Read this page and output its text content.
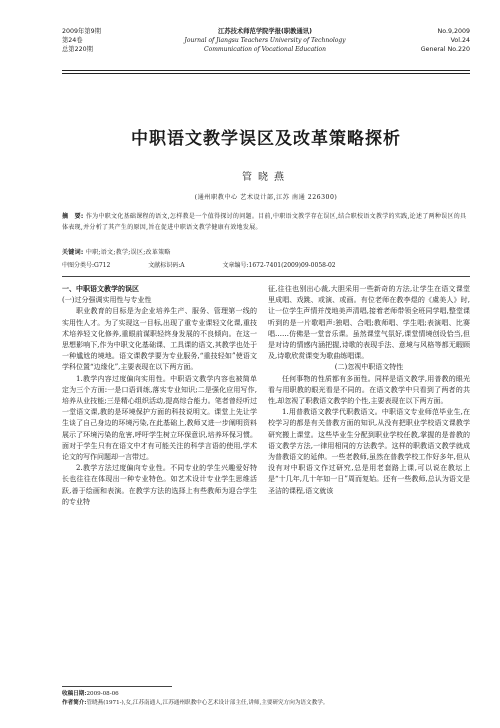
2009年第9期
第24卷
总第220期
江苏技术师范学院学报(职教通讯)
Journal of Jiangsu Teachers University of Technology
Communication of Vocational Education
No.9,2009
Vol.24
General No.220
中职语文教学误区及改革策略探析
管晓燕
(通州职教中心 艺术设计部,江苏 南通 226300)
摘　要: 作为中职文化基础课程的语文,怎样教是一个值得探讨的问题。目前,中职语文教学存在误区,结合职校语文教学的实践,论述了两种误区的具体表现,并分析了其产生的原因,旨在促进中职语文教学健康有效地发展。
关键词: 中职;语文;教学;误区;改革策略
中图分类号:G712	文献标识码:A	文章编号:1672-7401(2009)09-0058-02

一、中职语文教学的误区

(一)过分强调实用性与专业性

职业教育的目标是为企业培养生产、服务、管理第一线的实用性人才。为了实现这一目标,出现了重专业课轻文化课,重技术培养轻文化修养,重眼前谋职轻终身发展的不良倾向。在这一思想影响下,作为中职文化基础课、工具课的语文,其教学也处于一种尴尬的境地。语文课教学要为专业服务,“重技轻如”使语文学科位置“边缘化”,主要表现在以下两方面。

1.教学内容过度偏向实用性。中职语文教学内容也被简单定为三个方面:一是口语训练,落实专业知识;二是强化应用写作,培养从业技能;三是精心组织活动,提高综合能力。笔者曾经听过一堂语文课,教的是环境保护方面的科技说明文。课堂上先让学生谈了自己身边的环境污染,在此基础上,教师又进一步阐明资料展示了环境污染的危害,呼吁学生树立环保意识,培养环保习惯。面对于学生只有在语文中才有可能关注的科学言语的使用,学术论文的写作问题却一言带过。

2.教学方法过度偏向专业性。不同专业的学生兴趣爱好特长也往往在体现出一种专业特色。如艺术设计专业学生思维活跃,善于绘画和表演。在教学方法的选择上有些教师为迎合学生的专业特

征,往往也别出心裁,大胆采用一些新奇的方法,让学生在语文课堂里成唱、戏跳、或演、或画。有位老师在教李煜的《虞美人》时,让一位学生声情并茂地美声清唱,接着老师带领全班同学唱,整堂课听到的是一片歌唱声:独唱、合唱;教师唱、学生唱;表演唱、比赛唱……仿佛是一堂音乐课。虽然课堂气氛好,课堂情境创设恰当,但是对诗的情感内涵把握,诗歌的表现手法、意境与风格等都无暇顾及,诗歌欣赏课变为歌曲练唱课。

(二)忽视中职语文特性

任何事物的性质都有多面性。同样是语文教学,用普教的眼光看与用职教的眼光看是不同的。在语文教学中只看到了两者的共性,却忽视了职教语文教学的个性,主要表现在以下两方面。

1.用普教语文教学代职教语文。中职语文专业师范毕业生,在校学习的都是有关普教方面的知识,从没有把职业学校语文课教学研究搬上课堂。这些毕业生分配到职业学校任教,掌握的是普教的语文教学方法,一律用相同的方法教学。这样的职教语文教学就成为普教语文的延伸。一些老教师,虽然在普教学校工作好多年,但从没有对中职语文作过研究,总是用老套路上课,可以说在教坛上是“十几年,几十年如一日”周而复始。还有一些教师,总认为语文是圣洁的课程,语文就该

收稿日期:2009-08-06
作者简介:管晓燕(1971-),女,江苏南通人,江苏通州职教中心艺术设计部主任,讲师,主要研究方向为语文教学。
